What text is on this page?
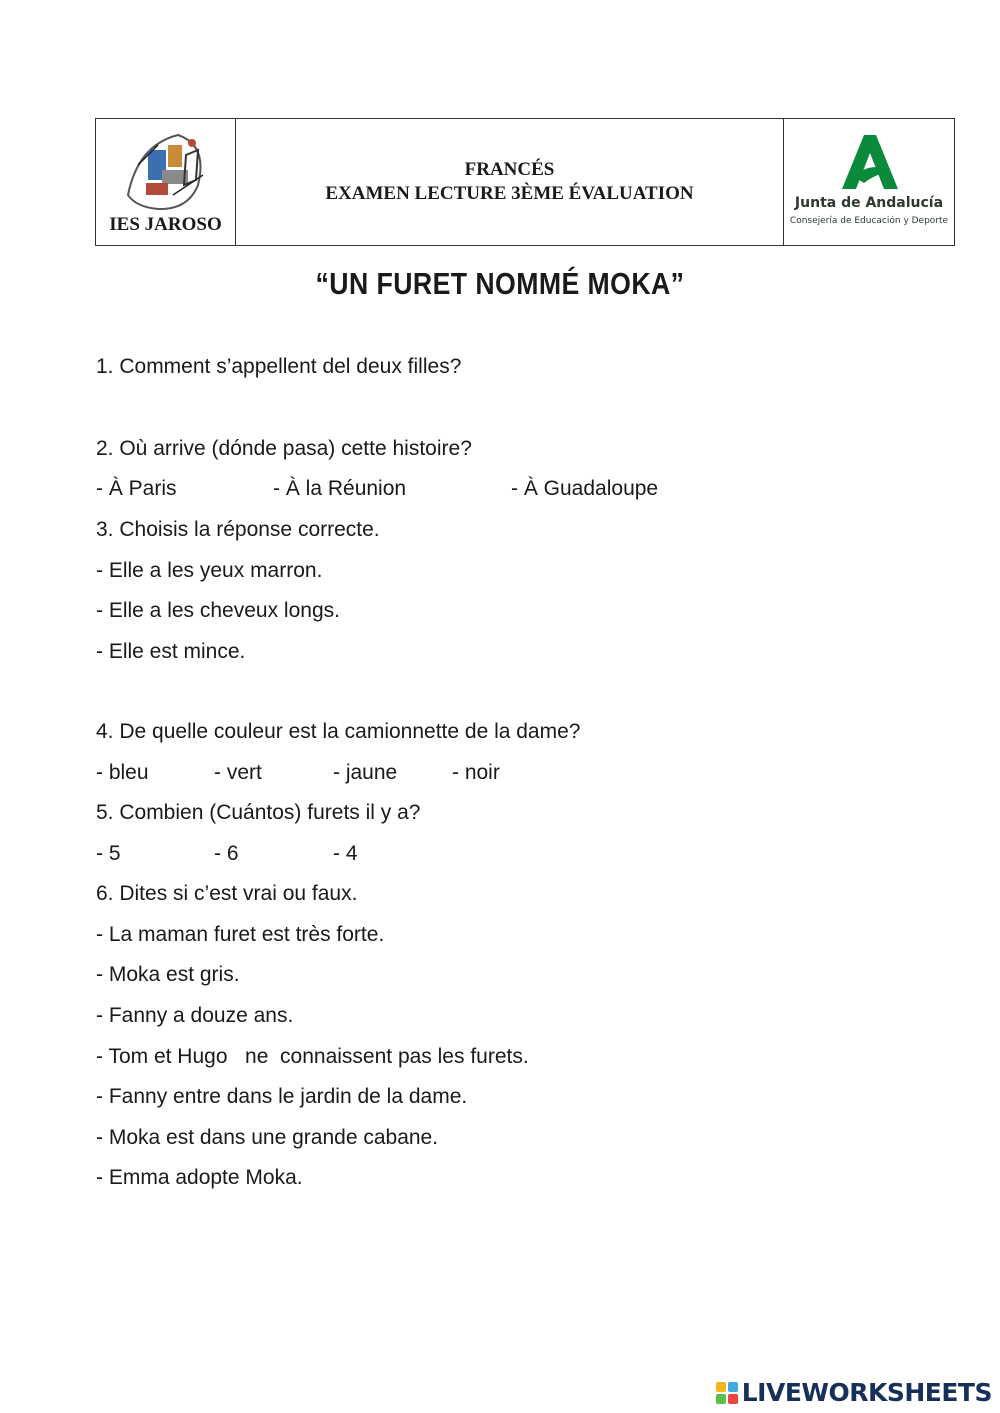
IES JAROSO
FRANCÉS
EXAMEN LECTURE 3ÈME ÉVALUATION	Junta de Andalucía
Consejería de Educación y Deporte
“UN FURET NOMMÉ MOKA”
1. Comment s’appellent del deux filles?
2. Où arrive (dónde pasa) cette histoire?
- À Paris	- À la Réunion	- À Guadaloupe
3. Choisis la réponse correcte.
- Elle a les yeux marron.
- Elle a les cheveux longs.
- Elle est mince.
4. De quelle couleur est la camionnette de la dame?
- bleu	- vert	- jaune	- noir
5. Combien (Cuántos) furets il y a?
- 5	- 6	- 4
6. Dites si c’est vrai ou faux.
- La maman furet est très forte.
- Moka est gris.
- Fanny a douze ans.
- Tom et Hugo   ne  connaissent pas les furets.
- Fanny entre dans le jardin de la dame.
- Moka est dans une grande cabane.
- Emma adopte Moka.
LIVEWORKSHEETS
